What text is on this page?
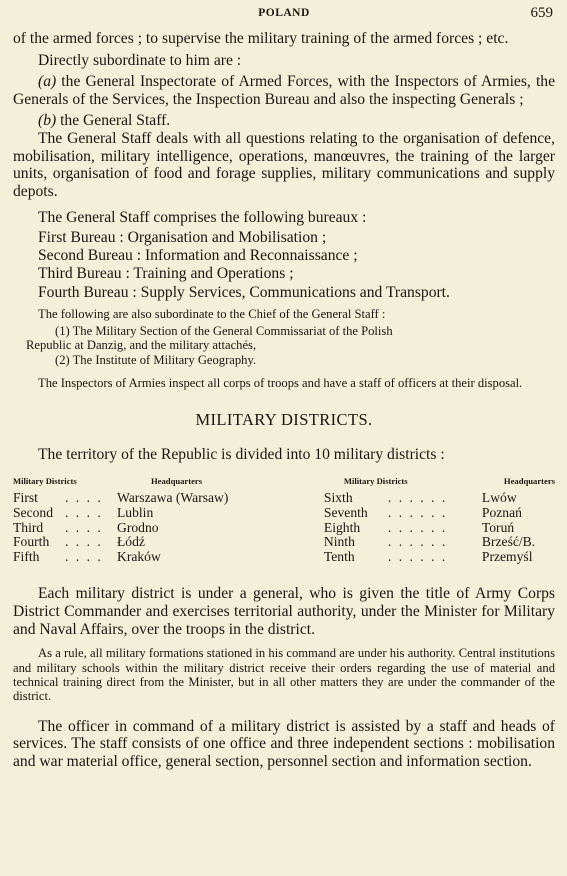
POLAND	659

of the armed forces ; to supervise the military training of the armed forces ; etc.

Directly subordinate to him are :

(a) the General Inspectorate of Armed Forces, with the Inspectors of Armies, the Generals of the Services, the Inspection Bureau and also the inspecting Generals ;

(b) the General Staff.

The General Staff deals with all questions relating to the organisation of defence, mobilisation, military intelligence, operations, manœuvres, the training of the larger units, organisation of food and forage supplies, military communications and supply depots.

The General Staff comprises the following bureaux :

First Bureau : Organisation and Mobilisation ;
Second Bureau : Information and Reconnaissance ;
Third Bureau : Training and Operations ;
Fourth Bureau : Supply Services, Communications and Transport.

The following are also subordinate to the Chief of the General Staff :

(1) The Military Section of the General Commissariat of the Polish
Republic at Danzig, and the military attachés,
(2) The Institute of Military Geography.

The Inspectors of Armies inspect all corps of troops and have a staff of officers at their disposal.

MILITARY DISTRICTS.

The territory of the Republic is divided into 10 military districts :

Military Districts		Headquarters
First	. . . .	Warszawa (Warsaw)
Second	. . . .	Lublin
Third	. . . .	Grodno
Fourth	. . . .	Łódź
Fifth	. . . .	Kraków
Military Districts		Headquarters
Sixth	. . . . . .	Lwów
Seventh	. . . . . .	Poznań
Eighth	. . . . . .	Toruń
Ninth	. . . . . .	Brześć/B.
Tenth	. . . . . .	Przemyśl

Each military district is under a general, who is given the title of Army Corps District Commander and exercises territorial authority, under the Minister for Military and Naval Affairs, over the troops in the district.

As a rule, all military formations stationed in his command are under his authority. Central institutions and military schools within the military district receive their orders regarding the use of material and technical training direct from the Minister, but in all other matters they are under the commander of the district.

The officer in command of a military district is assisted by a staff and heads of services. The staff consists of one office and three independent sections : mobilisation and war material office, general section, personnel section and information section.
